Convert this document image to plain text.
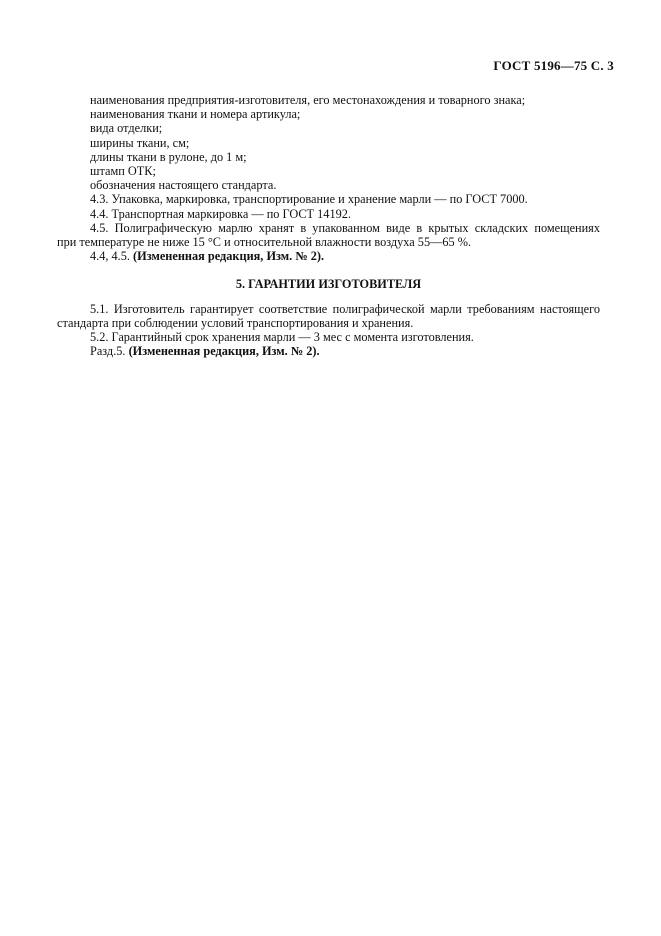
ГОСТ 5196—75 С. 3

наименования предприятия-изготовителя, его местонахождения и товарного знака;

наименования ткани и номера артикула;

вида отделки;

ширины ткани, см;

длины ткани в рулоне, до 1 м;

штамп ОТК;

обозначения настоящего стандарта.

4.3. Упаковка, маркировка, транспортирование и хранение марли — по ГОСТ 7000.

4.4. Транспортная маркировка — по ГОСТ 14192.

4.5. Полиграфическую марлю хранят в упакованном виде в крытых складских помещениях

при температуре не ниже 15 °С и относительной влажности воздуха 55—65 %.

4.4, 4.5. (Измененная редакция, Изм. № 2).

5. ГАРАНТИИ ИЗГОТОВИТЕЛЯ

5.1. Изготовитель гарантирует соответствие полиграфической марли требованиям настоящего

стандарта при соблюдении условий транспортирования и хранения.

5.2. Гарантийный срок хранения марли — 3 мес с момента изготовления.

Разд.5. (Измененная редакция, Изм. № 2).
